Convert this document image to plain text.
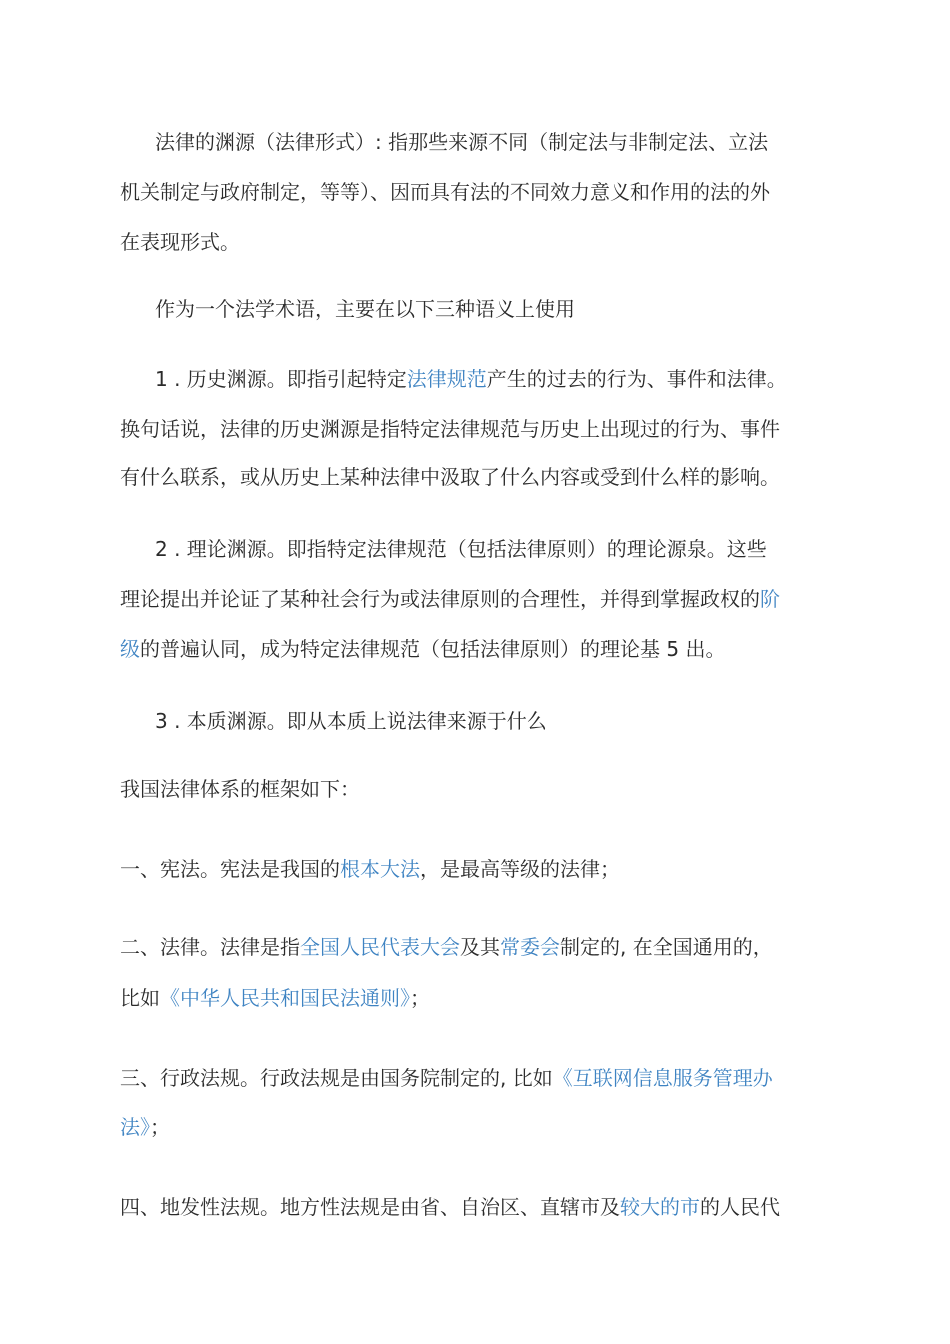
法律的渊源（法律形式）: 指那些来源不同（制定法与非制定法、立法
机关制定与政府制定，等等）、因而具有法的不同效力意义和作用的法的外
在表现形式。
作为一个法学术语，主要在以下三种语义上使用
1 . 历史渊源。即指引起特定法律规范产生的过去的行为、事件和法律。
换句话说，法律的历史渊源是指特定法律规范与历史上出现过的行为、事件
有什么联系，或从历史上某种法律中汲取了什么内容或受到什么样的影响。
2 . 理论渊源。即指特定法律规范（包括法律原则）的理论源泉。这些
理论提出并论证了某种社会行为或法律原则的合理性，并得到掌握政权的阶
级的普遍认同，成为特定法律规范（包括法律原则）的理论基 5 出。
3 . 本质渊源。即从本质上说法律来源于什么
我国法律体系的框架如下：
一、宪法。宪法是我国的根本大法，是最高等级的法律；
二、法律。法律是指全国人民代表大会及其常委会制定的, 在全国通用的，
比如《中华人民共和国民法通则》；
三、行政法规。行政法规是由国务院制定的, 比如《互联网信息服务管理办
法》；
四、地发性法规。地方性法规是由省、自治区、直辖市及较大的市的人民代
